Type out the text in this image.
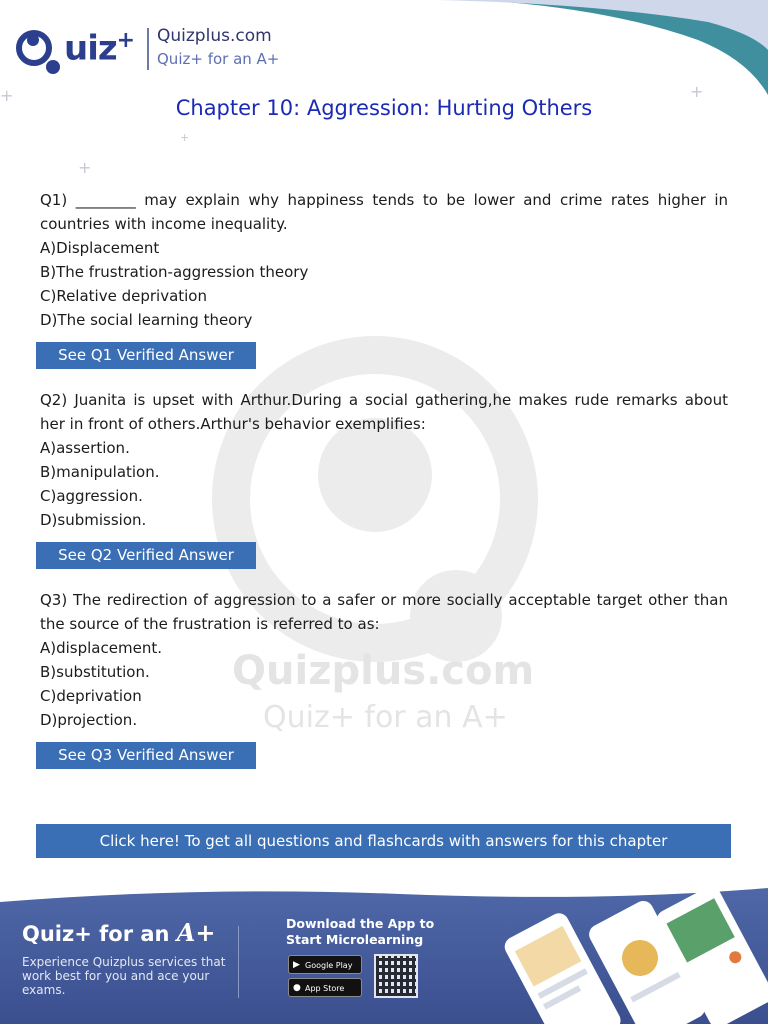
uiz+ Quizplus.com
Quiz+ for an A+
+	+
+
+
Chapter 10: Aggression: Hurting Others
Quizplus.com
Quiz+ for an A+

Q1) ________ may explain why happiness tends to be lower and crime rates higher in countries with income inequality.

A)Displacement

B)The frustration-aggression theory

C)Relative deprivation

D)The social learning theory

See Q1 Verified Answer

Q2) Juanita is upset with Arthur.During a social gathering,he makes rude remarks about her in front of others.Arthur's behavior exemplifies:

A)assertion.

B)manipulation.

C)aggression.

D)submission.

See Q2 Verified Answer

Q3) The redirection of aggression to a safer or more socially acceptable target other than the source of the frustration is referred to as:

A)displacement.

B)substitution.

C)deprivation

D)projection.

See Q3 Verified Answer
Click here! To get all questions and flashcards with answers for this chapter
Quiz+ for an A+
Experience Quizplus services that work best for you and ace your exams.
Download the App to
Start Microlearning
▶ Google Play
● App Store
